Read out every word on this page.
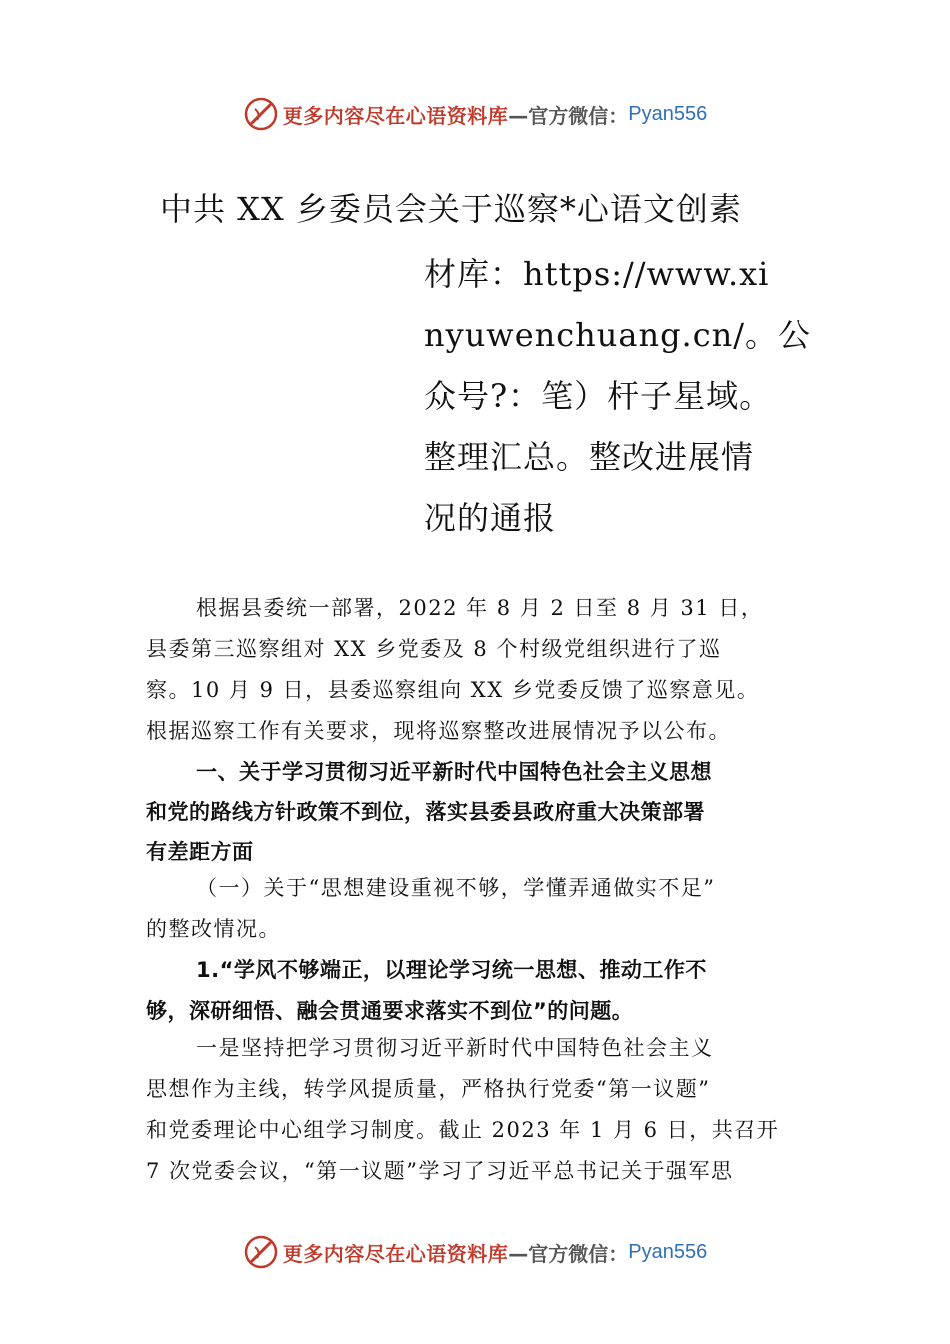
更多内容尽在心语资料库 —官方微信： Pyan556
中共 XX 乡委员会关于巡察*心语文创素
材库：https://www.xi
nyuwenchuang.cn/。公
众号?：笔）杆子星域。
整理汇总。整改进展情
况的通报
根据县委统一部署，2022 年 8 月 2 日至 8 月 31 日，
县委第三巡察组对 XX 乡党委及 8 个村级党组织进行了巡
察。10 月 9 日，县委巡察组向 XX 乡党委反馈了巡察意见。
根据巡察工作有关要求，现将巡察整改进展情况予以公布。
一、关于学习贯彻习近平新时代中国特色社会主义思想
和党的路线方针政策不到位，落实县委县政府重大决策部署
有差距方面
（一）关于“思想建设重视不够，学懂弄通做实不足”
的整改情况。
1.“学风不够端正，以理论学习统一思想、推动工作不
够，深研细悟、融会贯通要求落实不到位”的问题。
一是坚持把学习贯彻习近平新时代中国特色社会主义
思想作为主线，转学风提质量，严格执行党委“第一议题”
和党委理论中心组学习制度。截止 2023 年 1 月 6 日，共召开
7 次党委会议，“第一议题”学习了习近平总书记关于强军思
更多内容尽在心语资料库 —官方微信： Pyan556
